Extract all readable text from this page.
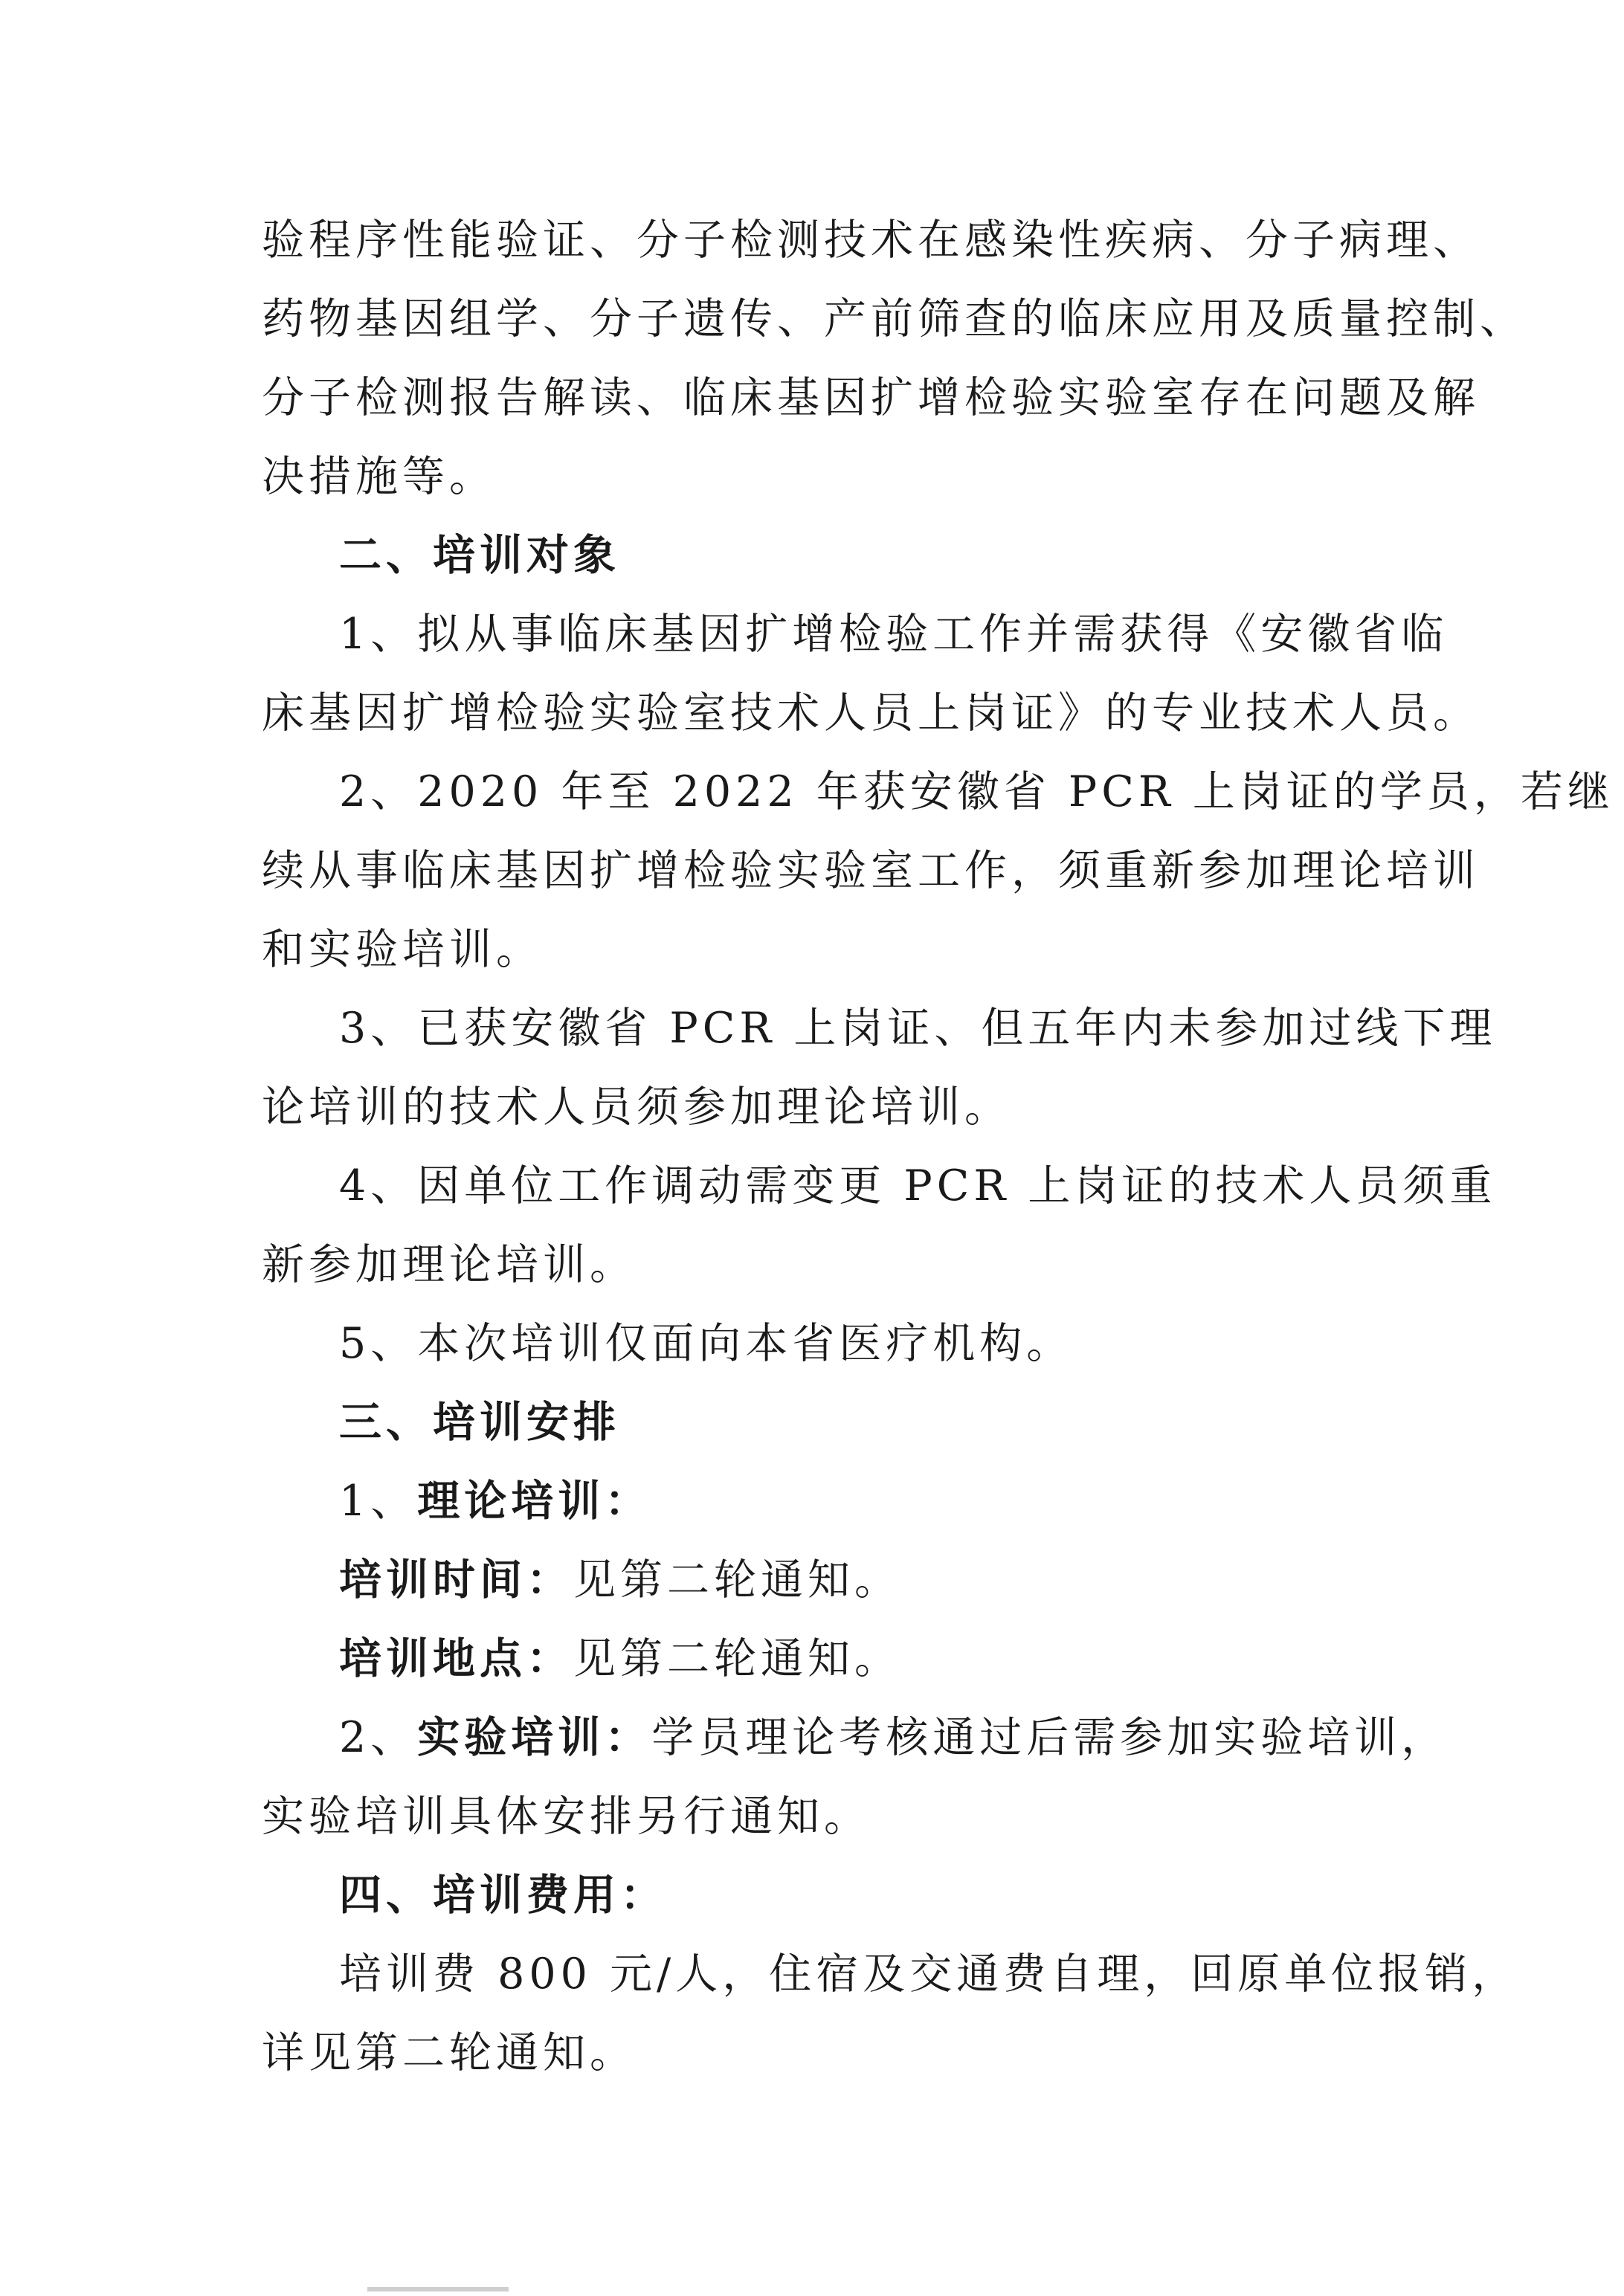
验程序性能验证、分子检测技术在感染性疾病、分子病理、
药物基因组学、分子遗传、产前筛查的临床应用及质量控制、
分子检测报告解读、临床基因扩增检验实验室存在问题及解
决措施等。
二、培训对象
1、拟从事临床基因扩增检验工作并需获得《安徽省临
床基因扩增检验实验室技术人员上岗证》的专业技术人员。
2、2020 年至 2022 年获安徽省 PCR 上岗证的学员，若继
续从事临床基因扩增检验实验室工作，须重新参加理论培训
和实验培训。
3、已获安徽省 PCR 上岗证、但五年内未参加过线下理
论培训的技术人员须参加理论培训。
4、因单位工作调动需变更 PCR 上岗证的技术人员须重
新参加理论培训。
5、本次培训仅面向本省医疗机构。
三、培训安排
1、理论培训：
培训时间：见第二轮通知。
培训地点：见第二轮通知。
2、实验培训：学员理论考核通过后需参加实验培训，
实验培训具体安排另行通知。
四、培训费用：
培训费 800 元/人，住宿及交通费自理，回原单位报销，
详见第二轮通知。
